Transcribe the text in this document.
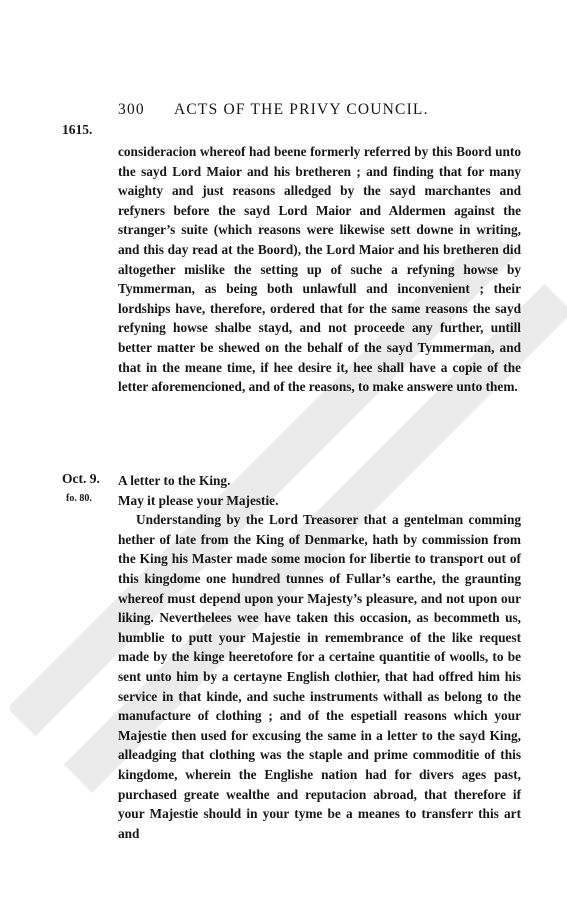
300 ACTS OF THE PRIVY COUNCIL.
1615.

consideracion whereof had beene formerly referred by this Boord unto the sayd Lord Maior and his bretheren ; and finding that for many waighty and just reasons alledged by the sayd marchantes and refyners before the sayd Lord Maior and Aldermen against the stranger’s suite (which reasons were likewise sett downe in writing, and this day read at the Boord), the Lord Maior and his bretheren did altogether mislike the setting up of suche a refyning howse by Tymmerman, as being both unlawfull and inconvenient ; their lordships have, therefore, ordered that for the same reasons the sayd refyning howse shalbe stayd, and not proceede any further, untill better matter be shewed on the behalf of the sayd Tymmerman, and that in the meane time, if hee desire it, hee shall have a copie of the letter aforemencioned, and of the reasons, to make answere unto them.

Oct. 9.
fo. 80.

A letter to the King.

May it please your Majestie.

Understanding by the Lord Treasorer that a gentelman comming hether of late from the King of Denmarke, hath by commission from the King his Master made some mocion for libertie to transport out of this kingdome one hundred tunnes of Fullar’s earthe, the graunting whereof must depend upon your Majesty’s pleasure, and not upon our liking. Neverthelees wee have taken this occasion, as becommeth us, humblie to putt your Majestie in remembrance of the like request made by the kinge heeretofore for a certaine quantitie of woolls, to be sent unto him by a certayne English clothier, that had offred him his service in that kinde, and suche instruments withall as belong to the manufacture of clothing ; and of the espetiall reasons which your Majestie then used for excusing the same in a letter to the sayd King, alleadging that clothing was the staple and prime commoditie of this kingdome, wherein the Englishe nation had for divers ages past, purchased greate wealthe and reputacion abroad, that therefore if your Majestie should in your tyme be a meanes to transferr this art and
